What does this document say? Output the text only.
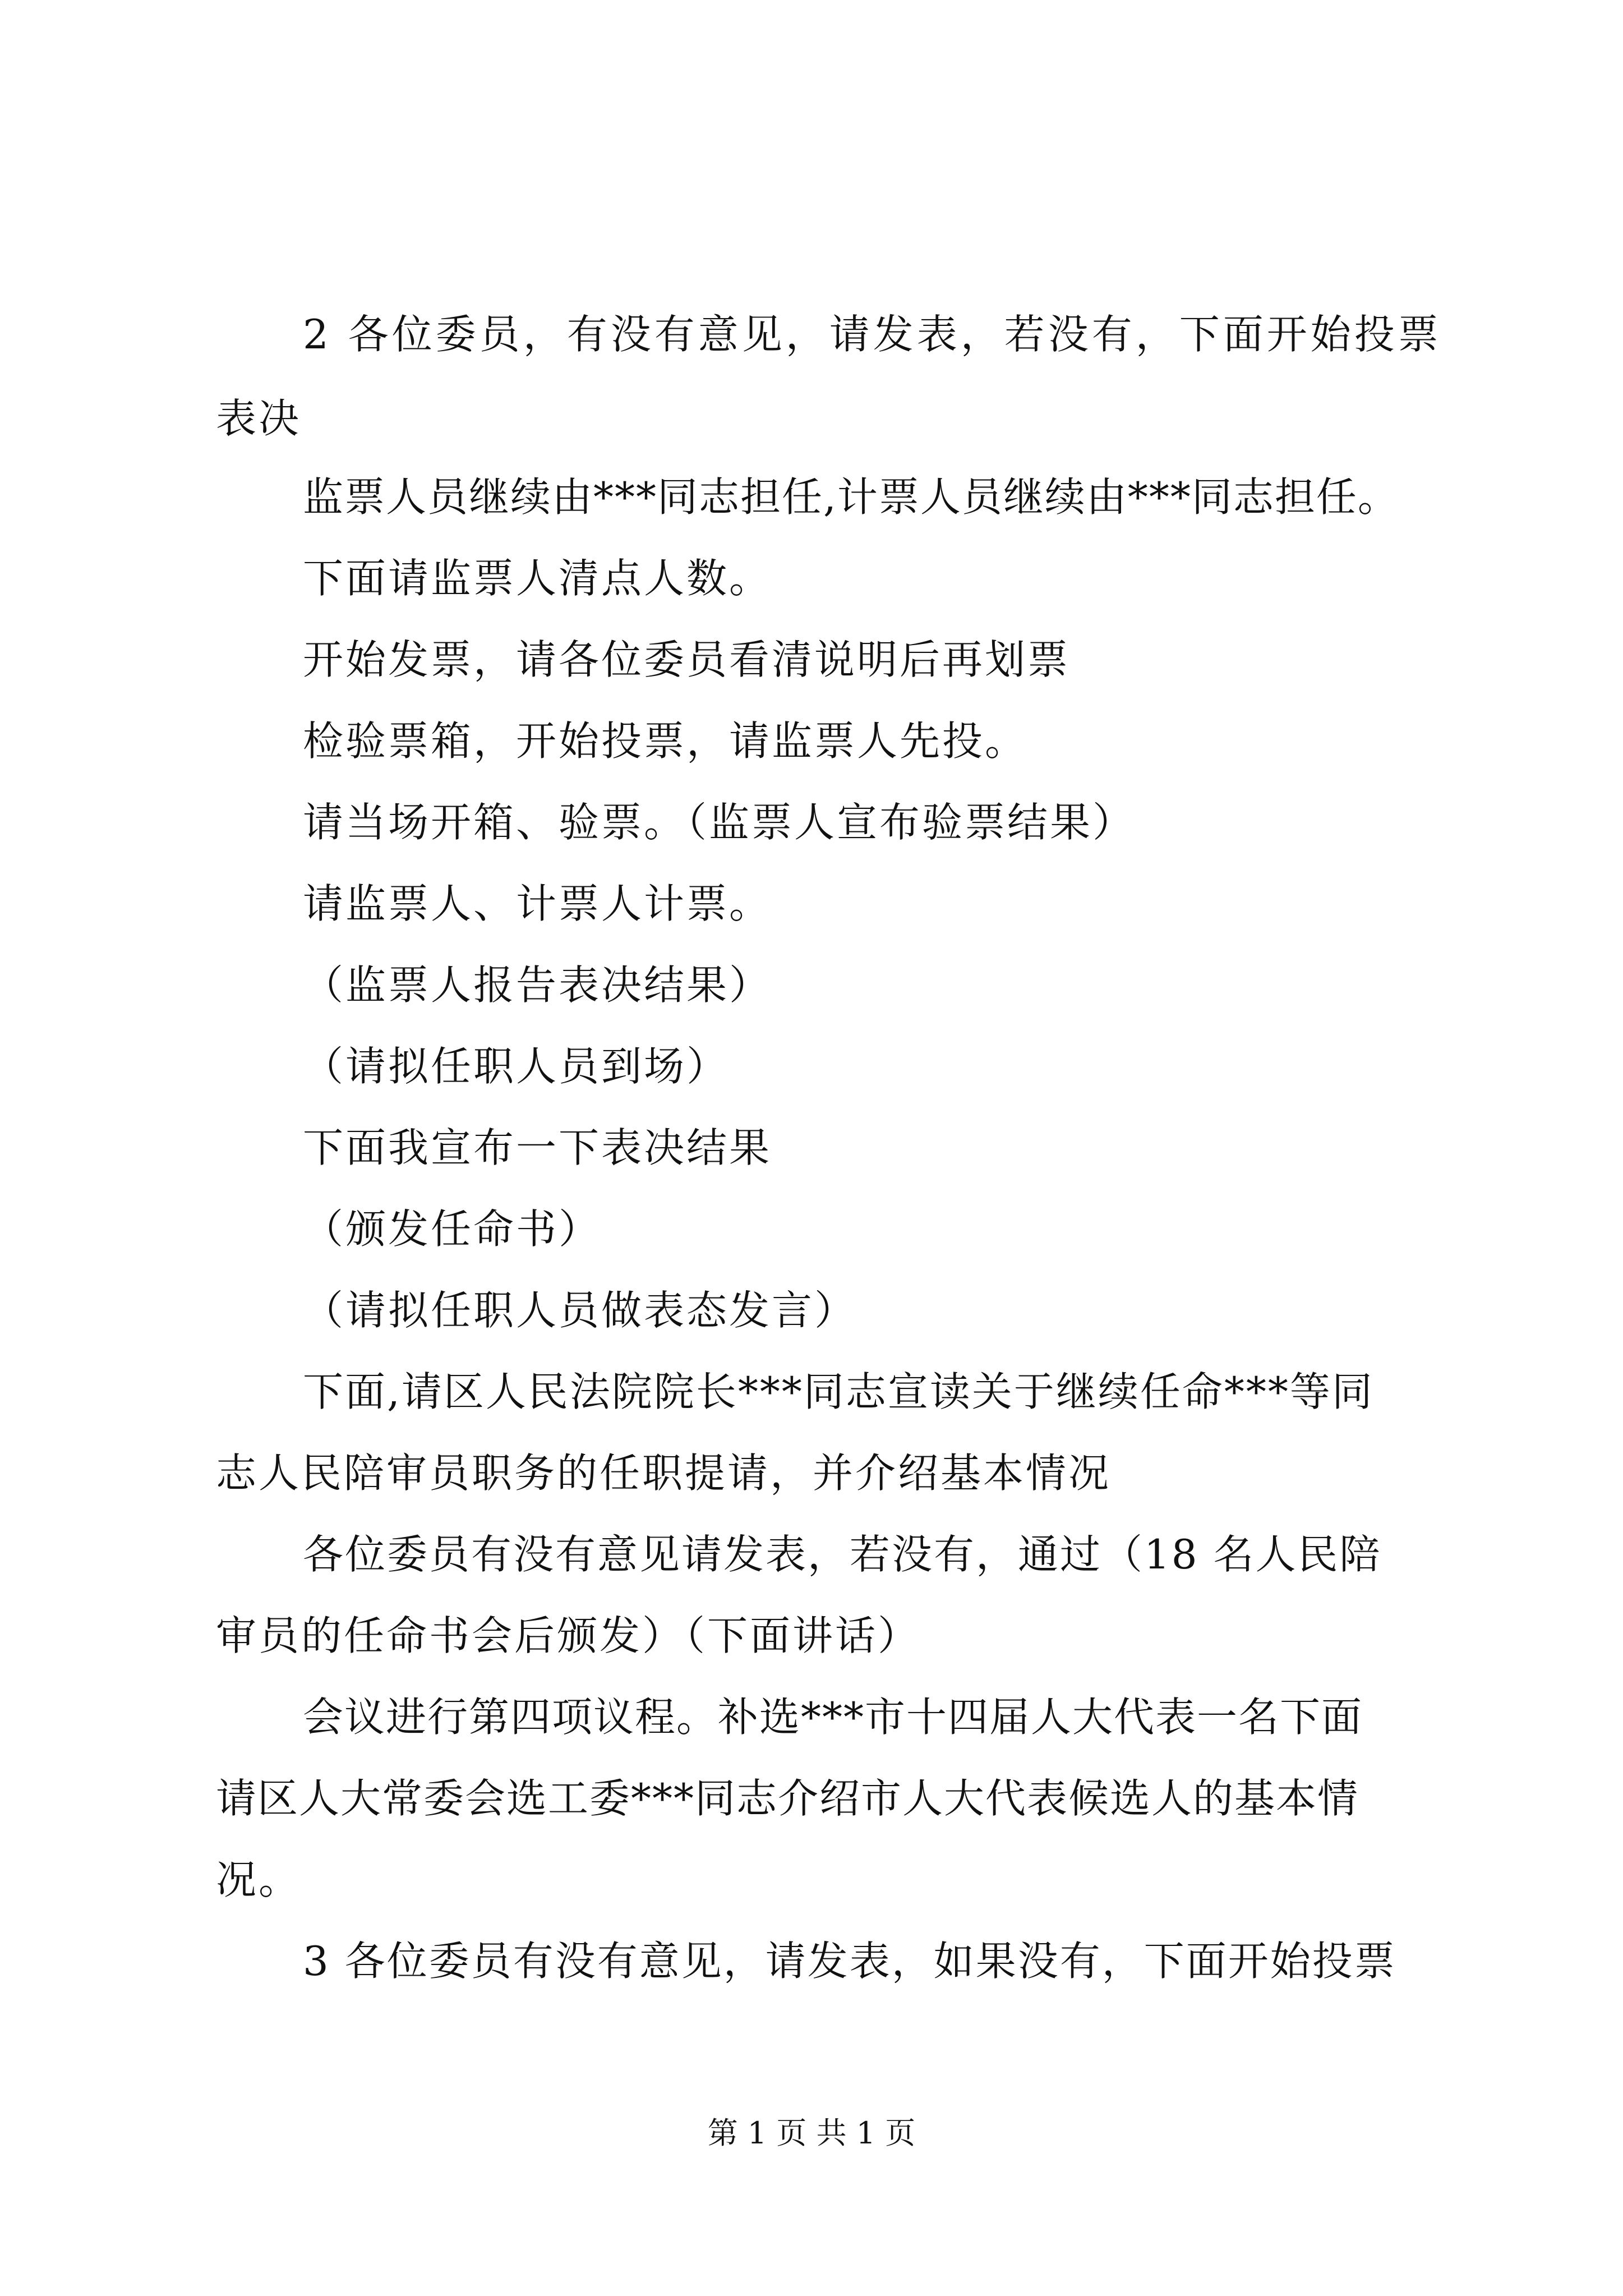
2 各位委员，有没有意见，请发表，若没有，下面开始投票
表决
监票人员继续由***同志担任,计票人员继续由***同志担任。
下面请监票人清点人数。
开始发票，请各位委员看清说明后再划票
检验票箱，开始投票，请监票人先投。
请当场开箱、验票。（监票人宣布验票结果）
请监票人、计票人计票。
（监票人报告表决结果）
（请拟任职人员到场）
下面我宣布一下表决结果
（颁发任命书）
（请拟任职人员做表态发言）
下面,请区人民法院院长***同志宣读关于继续任命***等同
志人民陪审员职务的任职提请，并介绍基本情况
各位委员有没有意见请发表，若没有，通过（18 名人民陪
审员的任命书会后颁发）（下面讲话）
会议进行第四项议程。补选***市十四届人大代表一名下面
请区人大常委会选工委***同志介绍市人大代表候选人的基本情
况。
3 各位委员有没有意见，请发表，如果没有，下面开始投票
第 1 页 共 1 页
